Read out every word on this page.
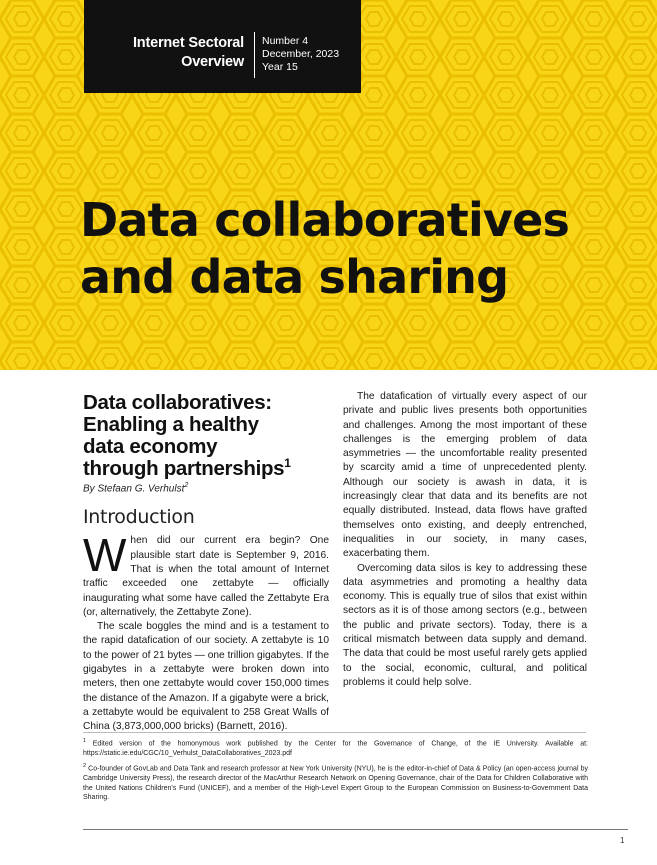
Internet Sectoral
Overview
Number 4
December, 2023
Year 15
Data collaboratives
and data sharing
Data collaboratives:
Enabling a healthy
data economy
through partnerships$^1$
By Stefaan G. Verhulst$^2$
Introduction

When did our current era begin? One plausible start date is September 9, 2016. That is when the total amount of Internet traffic exceeded one zettabyte — officially inaugurating what some have called the Zettabyte Era (or, alternatively, the Zettabyte Zone).

The scale boggles the mind and is a testament to the rapid datafication of our society. A zettabyte is 10 to the power of 21 bytes — one trillion gigabytes. If the gigabytes in a zettabyte were broken down into meters, then one zettabyte would cover 150,000 times the distance of the Amazon. If a gigabyte were a brick, a zettabyte would be equivalent to 258 Great Walls of China (3,873,000,000 bricks) (Barnett, 2016).

The datafication of virtually every aspect of our private and public lives presents both opportunities and challenges. Among the most important of these challenges is the emerging problem of data asymmetries — the uncomfortable reality presented by scarcity amid a time of unprecedented plenty. Although our society is awash in data, it is increasingly clear that data and its benefits are not equally distributed. Instead, data flows have grafted themselves onto existing, and deeply entrenched, inequalities in our society, in many cases, exacerbating them.

Overcoming data silos is key to addressing these data asymmetries and promoting a healthy data economy. This is equally true of silos that exist within sectors as it is of those among sectors (e.g., between the public and private sectors). Today, there is a critical mismatch between data supply and demand. The data that could be most useful rarely gets applied to the social, economic, cultural, and political problems it could help solve.

$^1$ Edited version of the homonymous work published by the Center for the Governance of Change, of the IE University. Available at: https://static.ie.edu/CGC/10_Verhulst_DataCollaboratives_2023.pdf

$^2$ Co-founder of GovLab and Data Tank and research professor at New York University (NYU), he is the editor-in-chief of Data & Policy (an open-access journal by Cambridge University Press), the research director of the MacArthur Research Network on Opening Governance, chair of the Data for Children Collaborative with the United Nations Children's Fund (UNICEF), and a member of the High-Level Expert Group to the European Commission on Business-to-Government Data Sharing.

1
